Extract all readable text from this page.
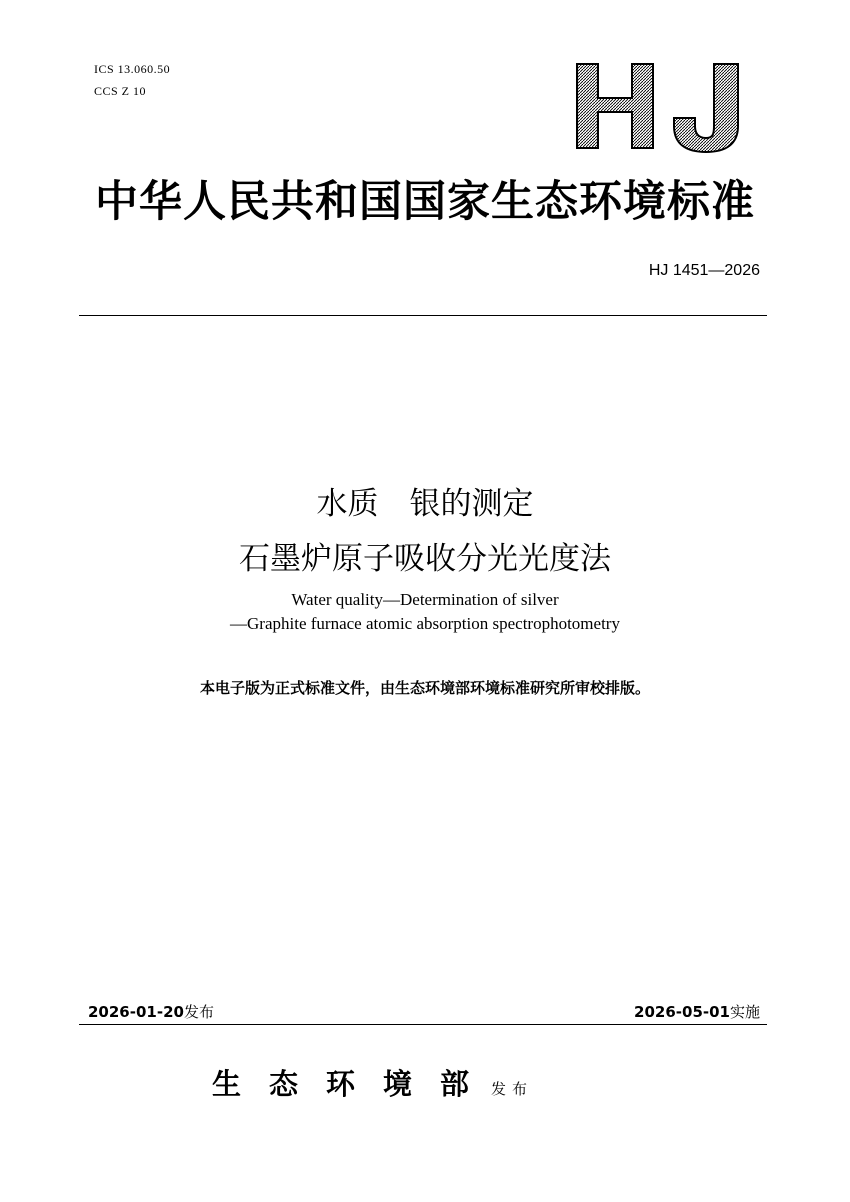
ICS 13.060.50
CCS Z 10
中华人民共和国国家生态环境标准
HJ 1451—2026
水质　银的测定
石墨炉原子吸收分光光度法
Water quality—Determination of silver
—Graphite furnace atomic absorption spectrophotometry
本电子版为正式标准文件，由生态环境部环境标准研究所审校排版。
2026-01-20发布	2026-05-01实施
生态环境部发布
